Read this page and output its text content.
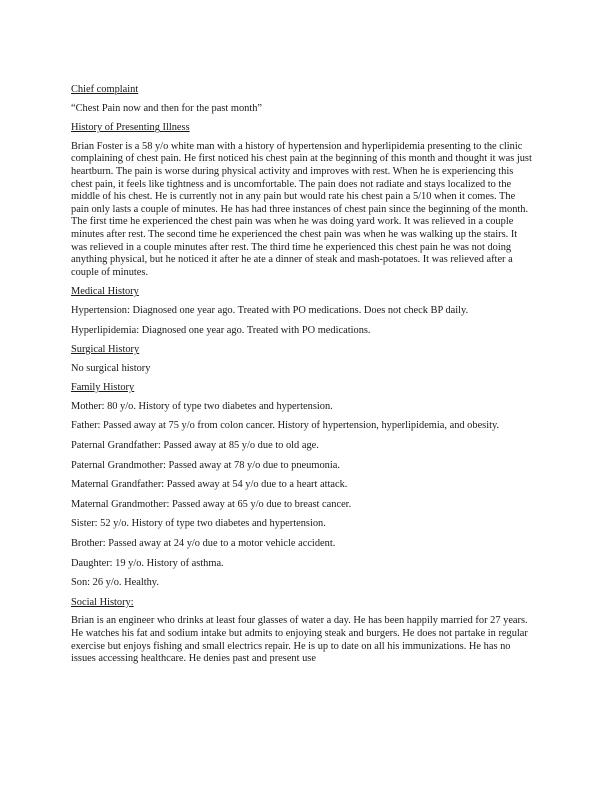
Chief complaint

“Chest Pain now and then for the past month”

History of Presenting Illness

Brian Foster is a 58 y/o white man with a history of hypertension and hyperlipidemia presenting to the clinic complaining of chest pain. He first noticed his chest pain at the beginning of this month and thought it was just heartburn. The pain is worse during physical activity and improves with rest. When he is experiencing this chest pain, it feels like tightness and is uncomfortable. The pain does not radiate and stays localized to the middle of his chest. He is currently not in any pain but would rate his chest pain a 5/10 when it comes. The pain only lasts a couple of minutes. He has had three instances of chest pain since the beginning of the month. The first time he experienced the chest pain was when he was doing yard work. It was relieved in a couple minutes after rest. The second time he experienced the chest pain was when he was walking up the stairs. It was relieved in a couple minutes after rest. The third time he experienced this chest pain he was not doing anything physical, but he noticed it after he ate a dinner of steak and mash-potatoes. It was relieved after a couple of minutes.

Medical History

Hypertension: Diagnosed one year ago. Treated with PO medications. Does not check BP daily.

Hyperlipidemia: Diagnosed one year ago. Treated with PO medications.

Surgical History

No surgical history

Family History

Mother: 80 y/o. History of type two diabetes and hypertension.

Father: Passed away at 75 y/o from colon cancer. History of hypertension, hyperlipidemia, and obesity.

Paternal Grandfather: Passed away at 85 y/o due to old age.

Paternal Grandmother: Passed away at 78 y/o due to pneumonia.

Maternal Grandfather: Passed away at 54 y/o due to a heart attack.

Maternal Grandmother: Passed away at 65 y/o due to breast cancer.

Sister: 52 y/o. History of type two diabetes and hypertension.

Brother: Passed away at 24 y/o due to a motor vehicle accident.

Daughter: 19 y/o. History of asthma.

Son: 26 y/o. Healthy.

Social History:

Brian is an engineer who drinks at least four glasses of water a day. He has been happily married for 27 years. He watches his fat and sodium intake but admits to enjoying steak and burgers. He does not partake in regular exercise but enjoys fishing and small electrics repair. He is up to date on all his immunizations. He has no issues accessing healthcare. He denies past and present use
